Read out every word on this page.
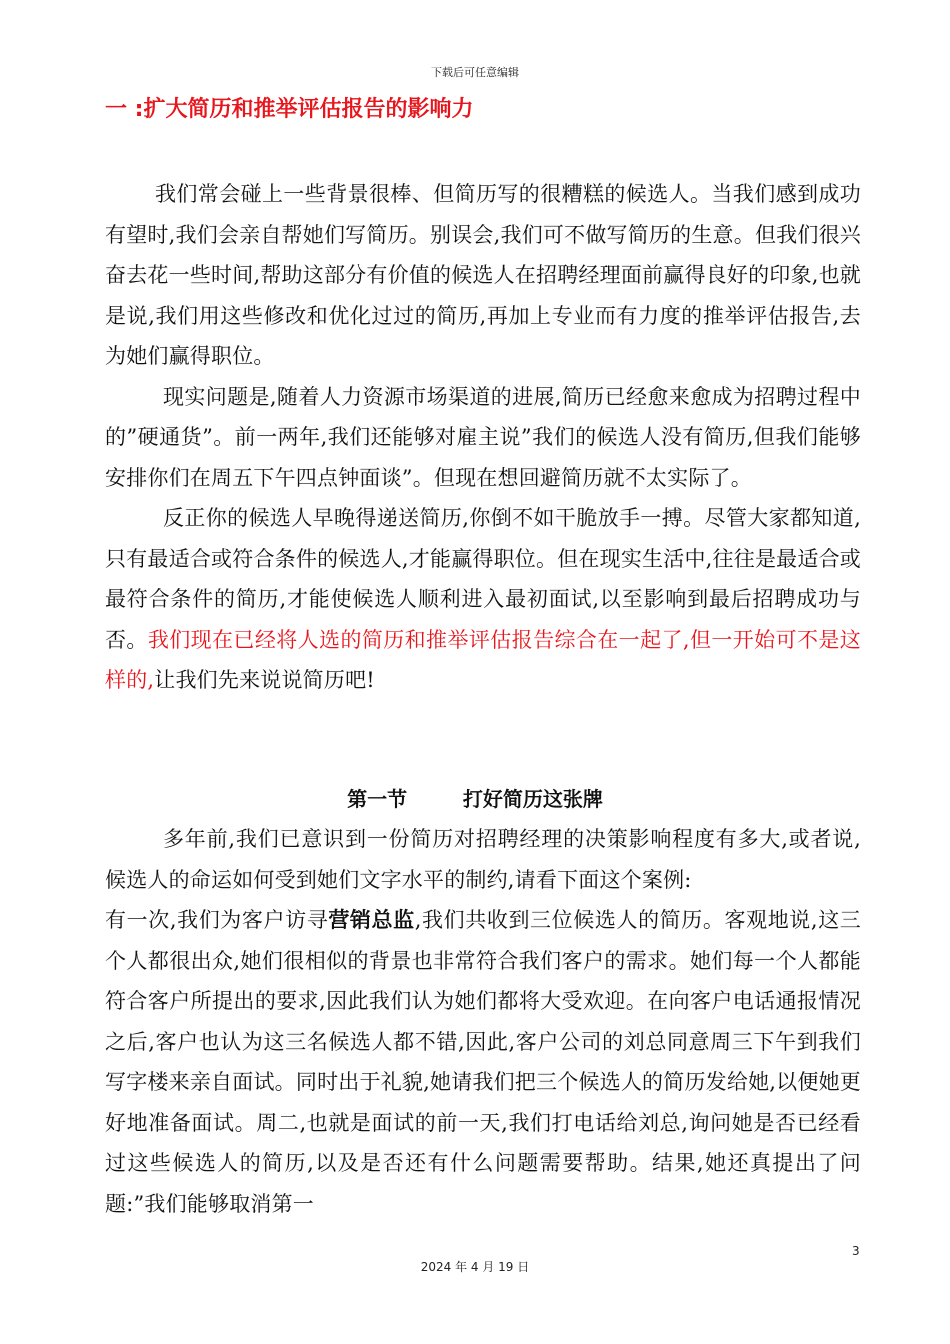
下载后可任意编辑
一 :扩大简历和推举评估报告的影响力

我们常会碰上一些背景很棒、但简历写的很糟糕的候选人。当我们感到成功有望时,我们会亲自帮她们写简历。别误会,我们可不做写简历的生意。但我们很兴奋去花一些时间,帮助这部分有价值的候选人在招聘经理面前赢得良好的印象,也就是说,我们用这些修改和优化过过的简历,再加上专业而有力度的推举评估报告,去为她们赢得职位。

现实问题是,随着人力资源市场渠道的进展,简历已经愈来愈成为招聘过程中的”硬通货”。前一两年,我们还能够对雇主说”我们的候选人没有简历,但我们能够安排你们在周五下午四点钟面谈”。但现在想回避简历就不太实际了。

反正你的候选人早晚得递送简历,你倒不如干脆放手一搏。尽管大家都知道,只有最适合或符合条件的候选人,才能赢得职位。但在现实生活中,往往是最适合或最符合条件的简历,才能使候选人顺利进入最初面试,以至影响到最后招聘成功与否。我们现在已经将人选的简历和推举评估报告综合在一起了,但一开始可不是这样的,让我们先来说说简历吧!

第一节        打好简历这张牌

多年前,我们已意识到一份简历对招聘经理的决策影响程度有多大,或者说,候选人的命运如何受到她们文字水平的制约,请看下面这个案例:

有一次,我们为客户访寻营销总监,我们共收到三位候选人的简历。客观地说,这三个人都很出众,她们很相似的背景也非常符合我们客户的需求。她们每一个人都能符合客户所提出的要求,因此我们认为她们都将大受欢迎。在向客户电话通报情况之后,客户也认为这三名候选人都不错,因此,客户公司的刘总同意周三下午到我们写字楼来亲自面试。同时出于礼貌,她请我们把三个候选人的简历发给她,以便她更好地准备面试。周二,也就是面试的前一天,我们打电话给刘总,询问她是否已经看过这些候选人的简历,以及是否还有什么问题需要帮助。结果,她还真提出了问题:”我们能够取消第一

3
2024 年 4 月 19 日
